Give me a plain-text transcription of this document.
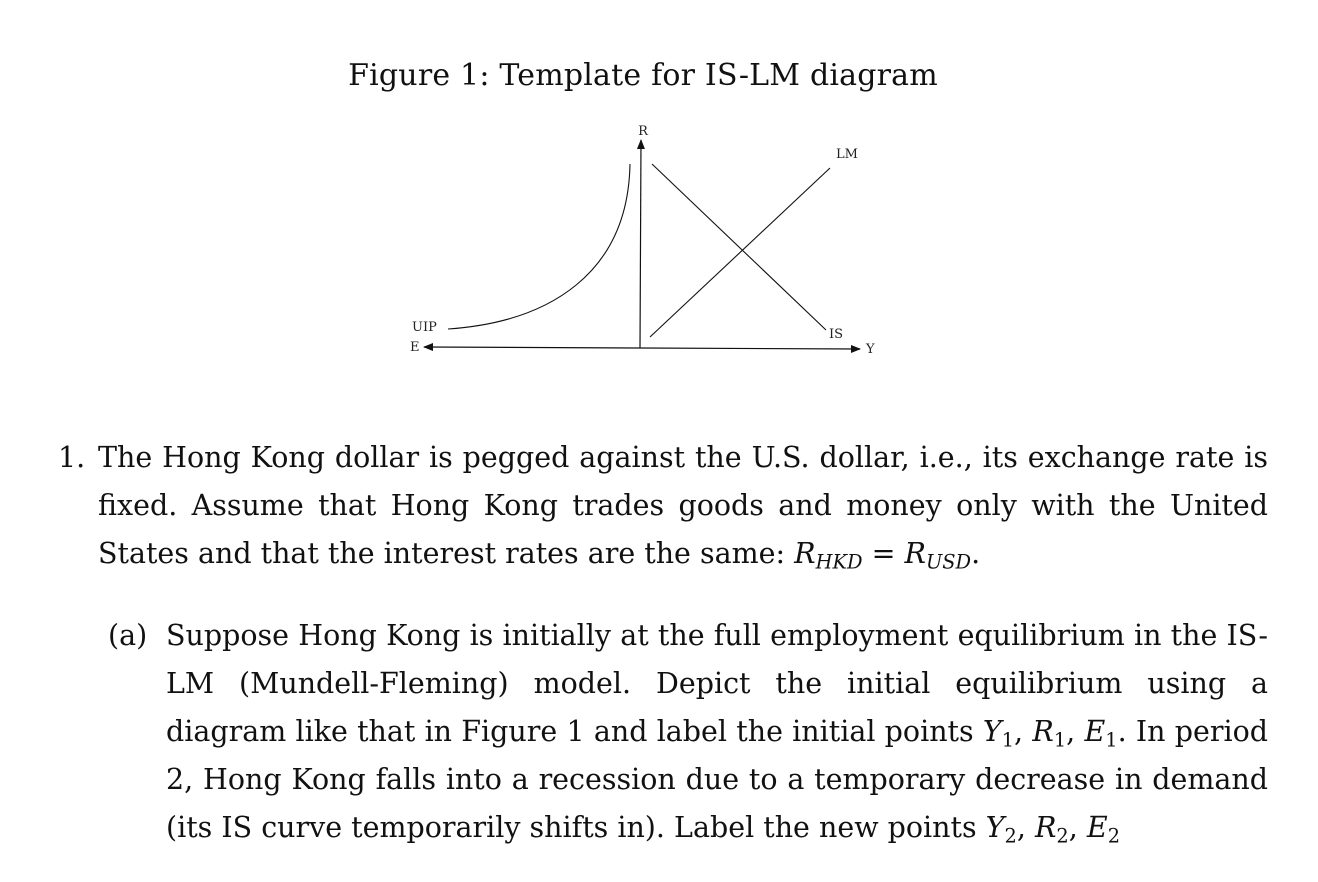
Figure 1: Template for IS-LM diagram
R
LM
IS
UIP
E	Y
1. The Hong Kong dollar is pegged against the U.S. dollar, i.e., its exchange rate is fixed. Assume that Hong Kong trades goods and money only with the United States and that the interest rates are the same: $R_{HKD} = R_{USD}$.
(a) Suppose Hong Kong is initially at the full employment equilibrium in the IS-LM (Mundell-Fleming) model. Depict the initial equilibrium using a diagram like that in Figure 1 and label the initial points $Y_1$, $R_1$, $E_1$. In period 2, Hong Kong falls into a recession due to a temporary decrease in demand (its IS curve temporarily shifts in). Label the new points $Y_2$, $R_2$, $E_2$
